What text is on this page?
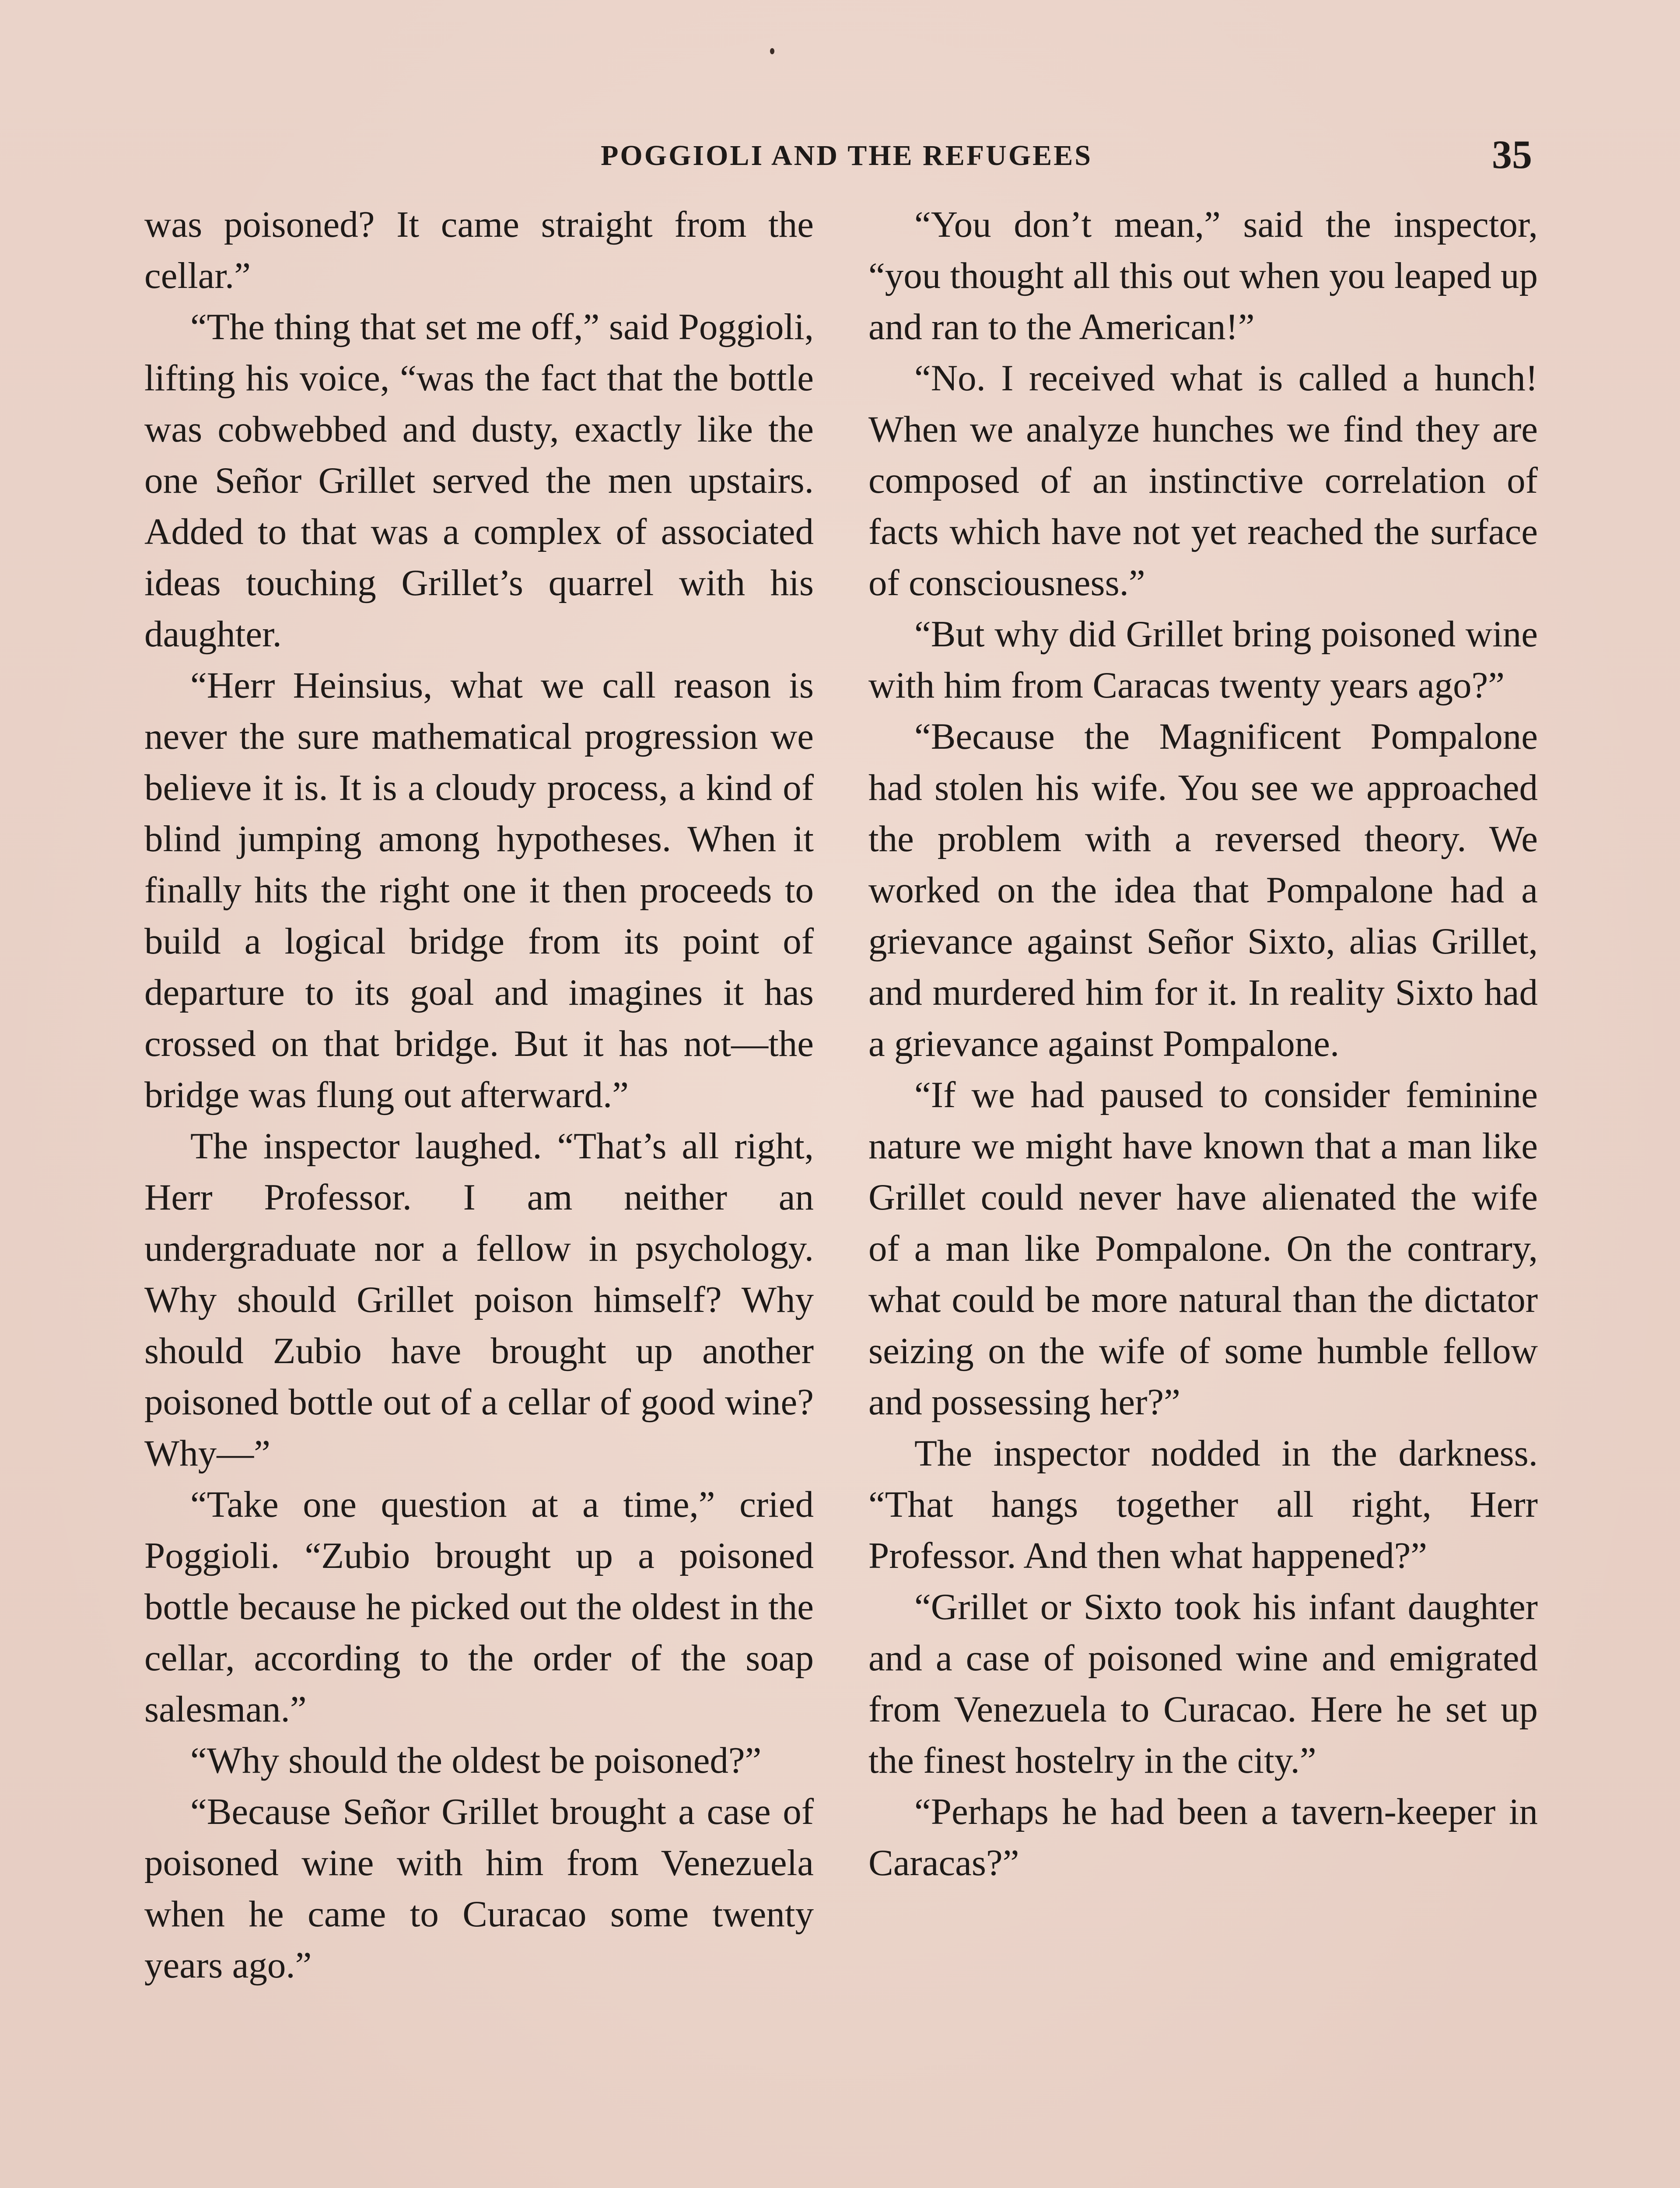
POGGIOLI AND THE REFUGEES	35

was poisoned? It came straight from the cellar.”

“The thing that set me off,” said Poggioli, lifting his voice, “was the fact that the bottle was cobwebbed and dusty, exactly like the one Señor Grillet served the men upstairs. Added to that was a complex of associated ideas touching Grillet’s quarrel with his daughter.

“Herr Heinsius, what we call reason is never the sure mathematical progression we believe it is. It is a cloudy process, a kind of blind jumping among hypotheses. When it finally hits the right one it then proceeds to build a logical bridge from its point of departure to its goal and imagines it has crossed on that bridge. But it has not—the bridge was flung out afterward.”

The inspector laughed. “That’s all right, Herr Professor. I am neither an undergraduate nor a fellow in psychology. Why should Grillet poison himself? Why should Zubio have brought up another poisoned bottle out of a cellar of good wine? Why—”

“Take one question at a time,” cried Poggioli. “Zubio brought up a poisoned bottle because he picked out the oldest in the cellar, according to the order of the soap salesman.”

“Why should the oldest be poisoned?”

“Because Señor Grillet brought a case of poisoned wine with him from Venezuela when he came to Curacao some twenty years ago.”

“You don’t mean,” said the inspector, “you thought all this out when you leaped up and ran to the American!”

“No. I received what is called a hunch! When we analyze hunches we find they are composed of an instinctive correlation of facts which have not yet reached the surface of consciousness.”

“But why did Grillet bring poisoned wine with him from Caracas twenty years ago?”

“Because the Magnificent Pompalone had stolen his wife. You see we approached the problem with a reversed theory. We worked on the idea that Pompalone had a grievance against Señor Sixto, alias Grillet, and murdered him for it. In reality Sixto had a grievance against Pompalone.

“If we had paused to consider feminine nature we might have known that a man like Grillet could never have alienated the wife of a man like Pompalone. On the contrary, what could be more natural than the dictator seizing on the wife of some humble fellow and possessing her?”

The inspector nodded in the darkness. “That hangs together all right, Herr Professor. And then what happened?”

“Grillet or Sixto took his infant daughter and a case of poisoned wine and emigrated from Venezuela to Curacao. Here he set up the finest hostelry in the city.”

“Perhaps he had been a tavern-keeper in Caracas?”
